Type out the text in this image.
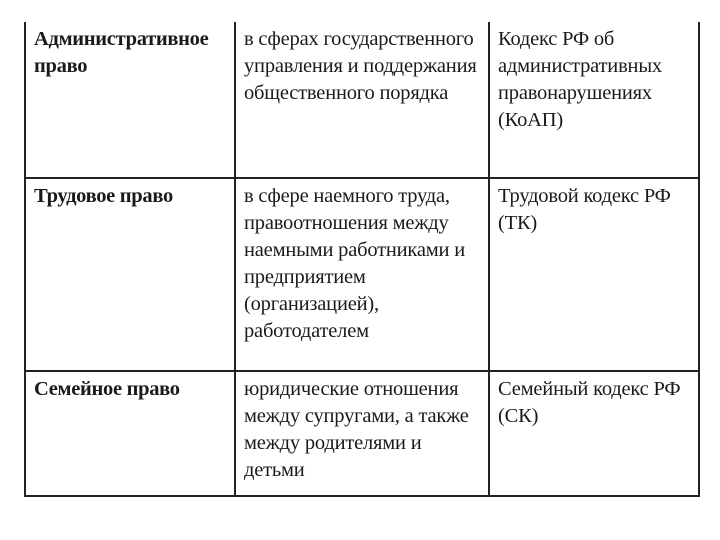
Административное право	в сферах государственного управления и поддержания общественного порядка	Кодекс РФ об административных правонарушениях (КоАП)
Трудовое право	в сфере наемного труда, правоотношения между наемными работниками и предприятием (организацией), работодателем	Трудовой кодекс РФ (ТК)
Семейное право	юридические отношения между супругами, а также между родителями и детьми	Семейный кодекс РФ (СК)
